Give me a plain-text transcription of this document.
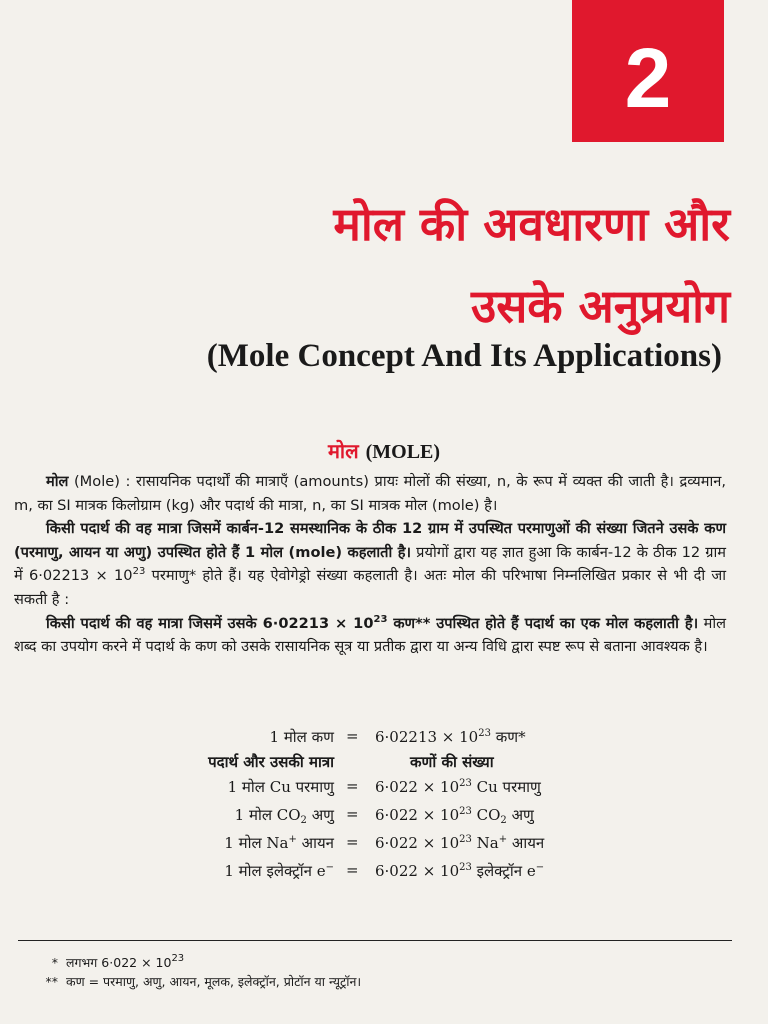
2
मोल की अवधारणा और
उसके अनुप्रयोग
(Mole Concept And Its Applications)
मोल (MOLE)

मोल (Mole) : रासायनिक पदार्थों की मात्राएँ (amounts) प्रायः मोलों की संख्या, n, के रूप में व्यक्त की जाती है। द्रव्यमान, m, का SI मात्रक किलोग्राम (kg) और पदार्थ की मात्रा, n, का SI मात्रक मोल (mole) है।

किसी पदार्थ की वह मात्रा जिसमें कार्बन-12 समस्थानिक के ठीक 12 ग्राम में उपस्थित परमाणुओं की संख्या जितने उसके कण (परमाणु, आयन या अणु) उपस्थित होते हैं 1 मोल (mole) कहलाती है। प्रयोगों द्वारा यह ज्ञात हुआ कि कार्बन-12 के ठीक 12 ग्राम में $6\cdot 02213 \times 10^{23}$ परमाणु* होते हैं। यह ऐवोगेड्रो संख्या कहलाती है। अतः मोल की परिभाषा निम्नलिखित प्रकार से भी दी जा सकती है :

किसी पदार्थ की वह मात्रा जिसमें उसके $6\cdot 02213 \times 10^{23}$ कण** उपस्थित होते हैं पदार्थ का एक मोल कहलाती है। मोल शब्द का उपयोग करने में पदार्थ के कण को उसके रासायनिक सूत्र या प्रतीक द्वारा या अन्य विधि द्वारा स्पष्ट रूप से बताना आवश्यक है।

1 मोल कण = $6\cdot 02213 \times 10^{23}$ कण*
पदार्थ और उसकी मात्रा	कणों की संख्या
1 मोल Cu परमाणु = $6\cdot 022 \times 10^{23}$ Cu परमाणु
1 मोल $CO_2$ अणु = $6\cdot 022 \times 10^{23}$ $CO_2$ अणु
1 मोल Na+ आयन = $6\cdot 022 \times 10^{23}$ Na+ आयन
1 मोल इलेक्ट्रॉन $e^- = 6\cdot 022 \times 10^{23}$ इलेक्ट्रॉन e−
* लगभग $6\cdot 022 \times 10^{23}$
** कण = परमाणु, अणु, आयन, मूलक, इलेक्ट्रॉन, प्रोटॉन या न्यूट्रॉन।
